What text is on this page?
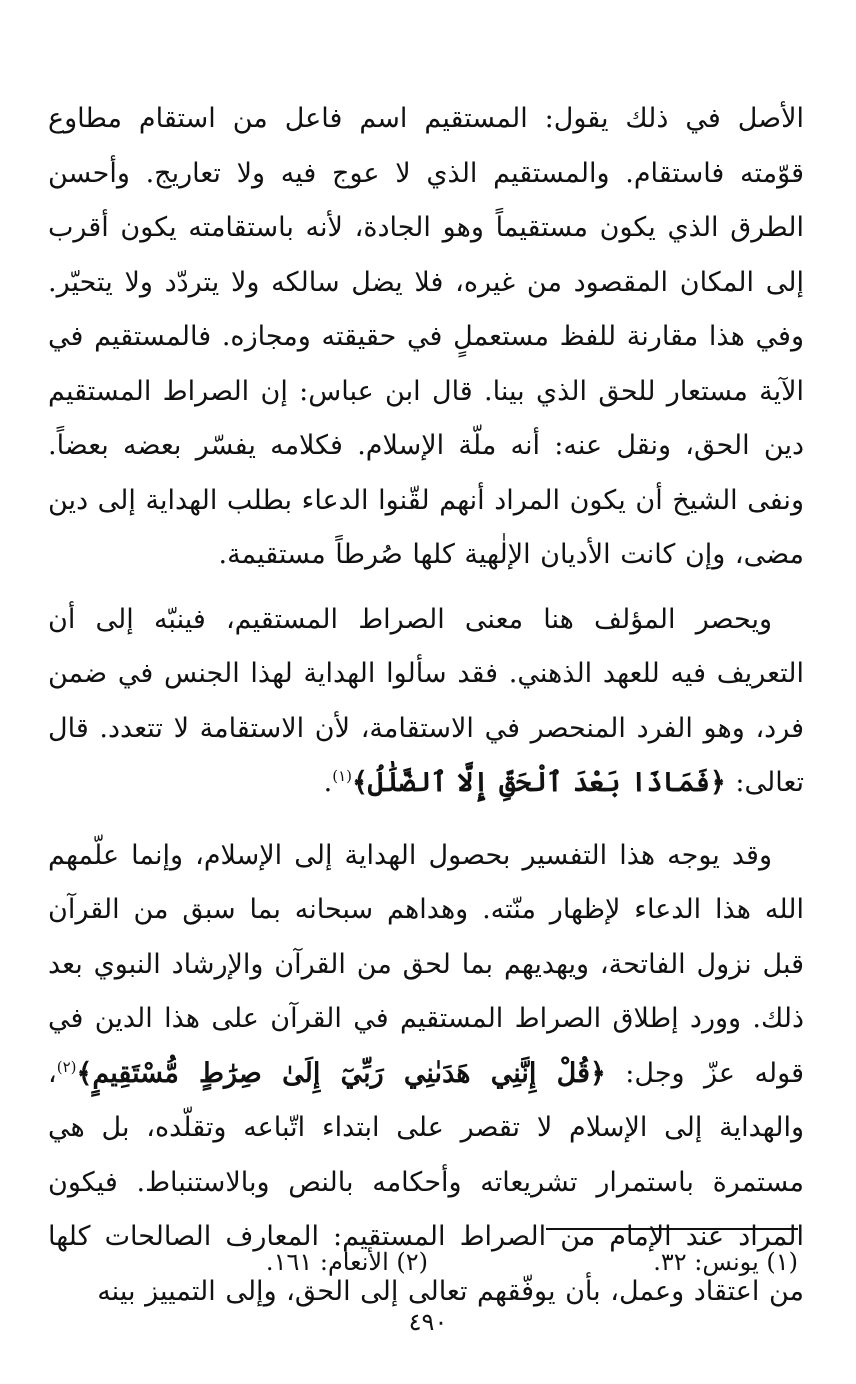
الأصل في ذلك يقول: المستقيم اسم فاعل من استقام مطاوع قوّمته فاستقام. والمستقيم الذي لا عوج فيه ولا تعاريج. وأحسن الطرق الذي يكون مستقيماً وهو الجادة، لأنه باستقامته يكون أقرب إلى المكان المقصود من غيره، فلا يضل سالكه ولا يتردّد ولا يتحيّر. وفي هذا مقارنة للفظ مستعملٍ في حقيقته ومجازه. فالمستقيم في الآية مستعار للحق الذي بينا. قال ابن عباس: إن الصراط المستقيم دين الحق، ونقل عنه: أنه ملّة الإسلام. فكلامه يفسّر بعضه بعضاً. ونفى الشيخ أن يكون المراد أنهم لقّنوا الدعاء بطلب الهداية إلى دين مضى، وإن كانت الأديان الإلٰهية كلها صُرطاً مستقيمة.

ويحصر المؤلف هنا معنى الصراط المستقيم، فينبّه إلى أن التعريف فيه للعهد الذهني. فقد سألوا الهداية لهذا الجنس في ضمن فرد، وهو الفرد المنحصر في الاستقامة، لأن الاستقامة لا تتعدد. قال تعالى: ﴿فَمَاذَا بَعْدَ ٱلْحَقِّ إِلَّا ٱلضَّلَٰلُ﴾$^{(١)}$.

وقد يوجه هذا التفسير بحصول الهداية إلى الإسلام، وإنما علّمهم الله هذا الدعاء لإظهار منّته. وهداهم سبحانه بما سبق من القرآن قبل نزول الفاتحة، ويهديهم بما لحق من القرآن والإرشاد النبوي بعد ذلك. وورد إطلاق الصراط المستقيم في القرآن على هذا الدين في قوله عزّ وجل: ﴿قُلْ إِنَّنِي هَدَىٰنِي رَبِّيٓ إِلَىٰ صِرَٰطٍ مُّسْتَقِيمٍ﴾$^{(٢)}$، والهداية إلى الإسلام لا تقصر على ابتداء اتّباعه وتقلّده، بل هي مستمرة باستمرار تشريعاته وأحكامه بالنص وبالاستنباط. فيكون المراد عند الإمام من الصراط المستقيم: المعارف الصالحات كلها من اعتقاد وعمل، بأن يوفّقهم تعالى إلى الحق، وإلى التمييز بينه

(١) يونس: ٣٢.
(٢) الأنعام: ١٦١.
٤٩٠
